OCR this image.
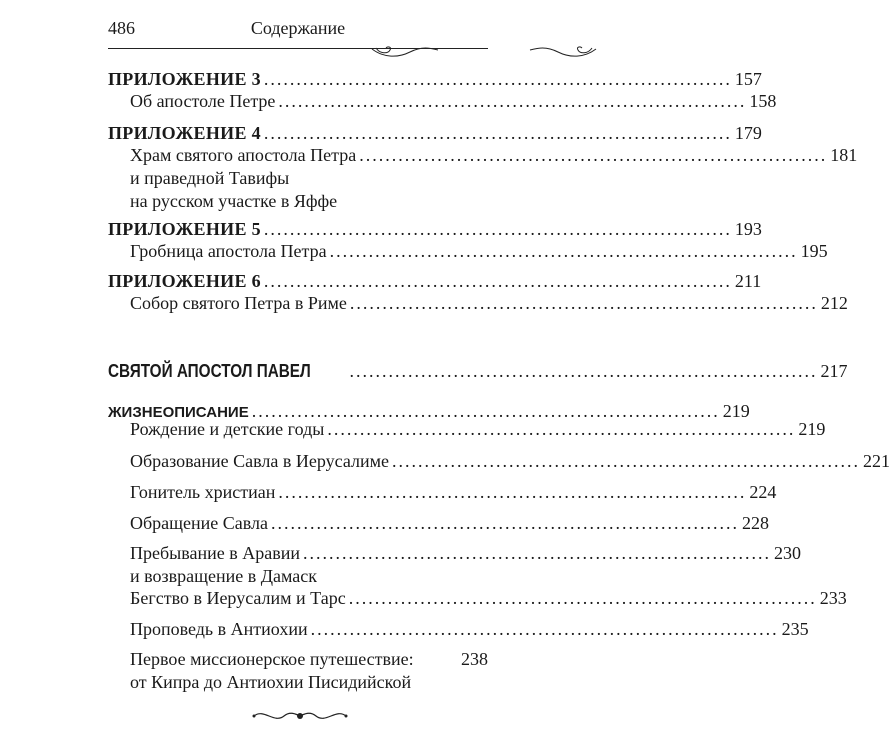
486	Содержание
ПРИЛОЖЕНИЕ 3 ........................................................................ 157
Об апостоле Петре ........................................................................ 158
ПРИЛОЖЕНИЕ 4 ........................................................................ 179
Храм святого апостола Петра ........................................................................ 181
и праведной Тавифы
на русском участке в Яффе
ПРИЛОЖЕНИЕ 5 ........................................................................ 193
Гробница апостола Петра ........................................................................ 195
ПРИЛОЖЕНИЕ 6 ........................................................................ 211
Собор святого Петра в Риме ........................................................................ 212
СВЯТОЙ АПОСТОЛ ПАВЕЛ ........................................................................ 217
ЖИЗНЕОПИСАНИЕ ........................................................................ 219
Рождение и детские годы ........................................................................ 219
Образование Савла в Иерусалиме ........................................................................ 221
Гонитель христиан ........................................................................ 224
Обращение Савла ........................................................................ 228
Пребывание в Аравии ........................................................................ 230
и возвращение в Дамаск
Бегство в Иерусалим и Тарс ........................................................................ 233
Проповедь в Антиохии ........................................................................ 235
Первое миссионерское путешествие:	238
от Кипра до Антиохии Писидийской
